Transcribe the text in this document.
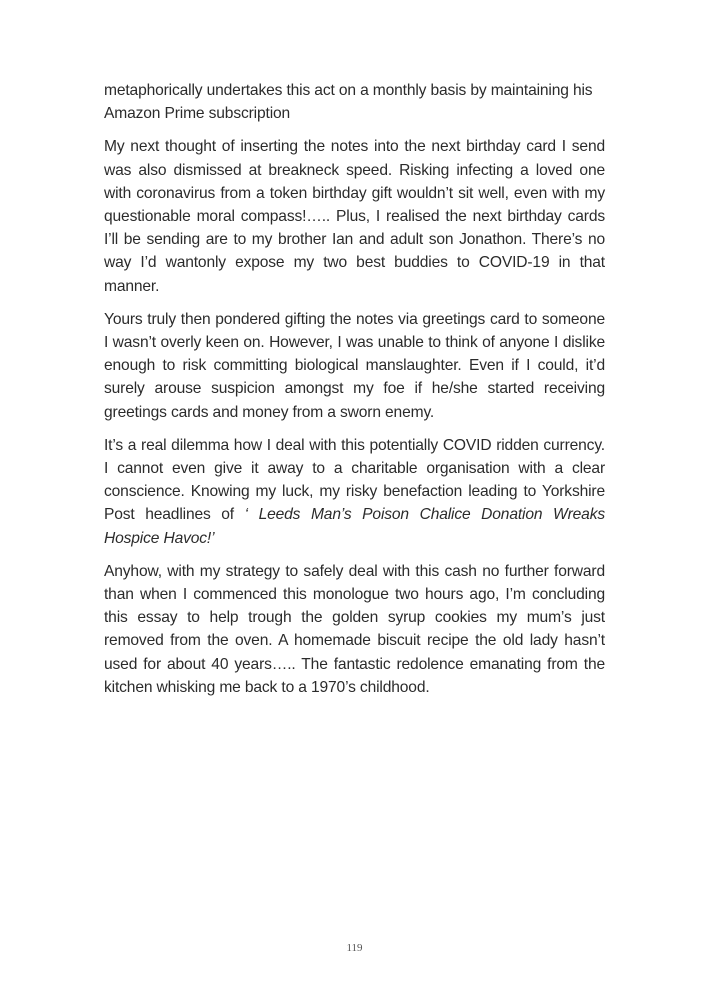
metaphorically undertakes this act on a monthly basis by maintaining his Amazon Prime subscription

My next thought of inserting the notes into the next birthday card I send was also dismissed at breakneck speed. Risking infecting a loved one with coronavirus from a token birthday gift wouldn’t sit well, even with my questionable moral compass!….. Plus, I realised the next birthday cards I’ll be sending are to my brother Ian and adult son Jonathon. There’s no way I’d wantonly expose my two best buddies to COVID-19 in that manner.

Yours truly then pondered gifting the notes via greetings card to someone I wasn’t overly keen on. However, I was unable to think of anyone I dislike enough to risk committing biological manslaughter. Even if I could, it’d surely arouse suspicion amongst my foe if he/she started receiving greetings cards and money from a sworn enemy.

It’s a real dilemma how I deal with this potentially COVID ridden currency. I cannot even give it away to a charitable organisation with a clear conscience. Knowing my luck, my risky benefaction leading to Yorkshire Post headlines of ‘ Leeds Man’s Poison Chalice Donation Wreaks Hospice Havoc!’

Anyhow, with my strategy to safely deal with this cash no further forward than when I commenced this monologue two hours ago, I’m concluding this essay to help trough the golden syrup cookies my mum’s just removed from the oven. A homemade biscuit recipe the old lady hasn’t used for about 40 years….. The fantastic redolence emanating from the kitchen whisking me back to a 1970’s childhood.

119
